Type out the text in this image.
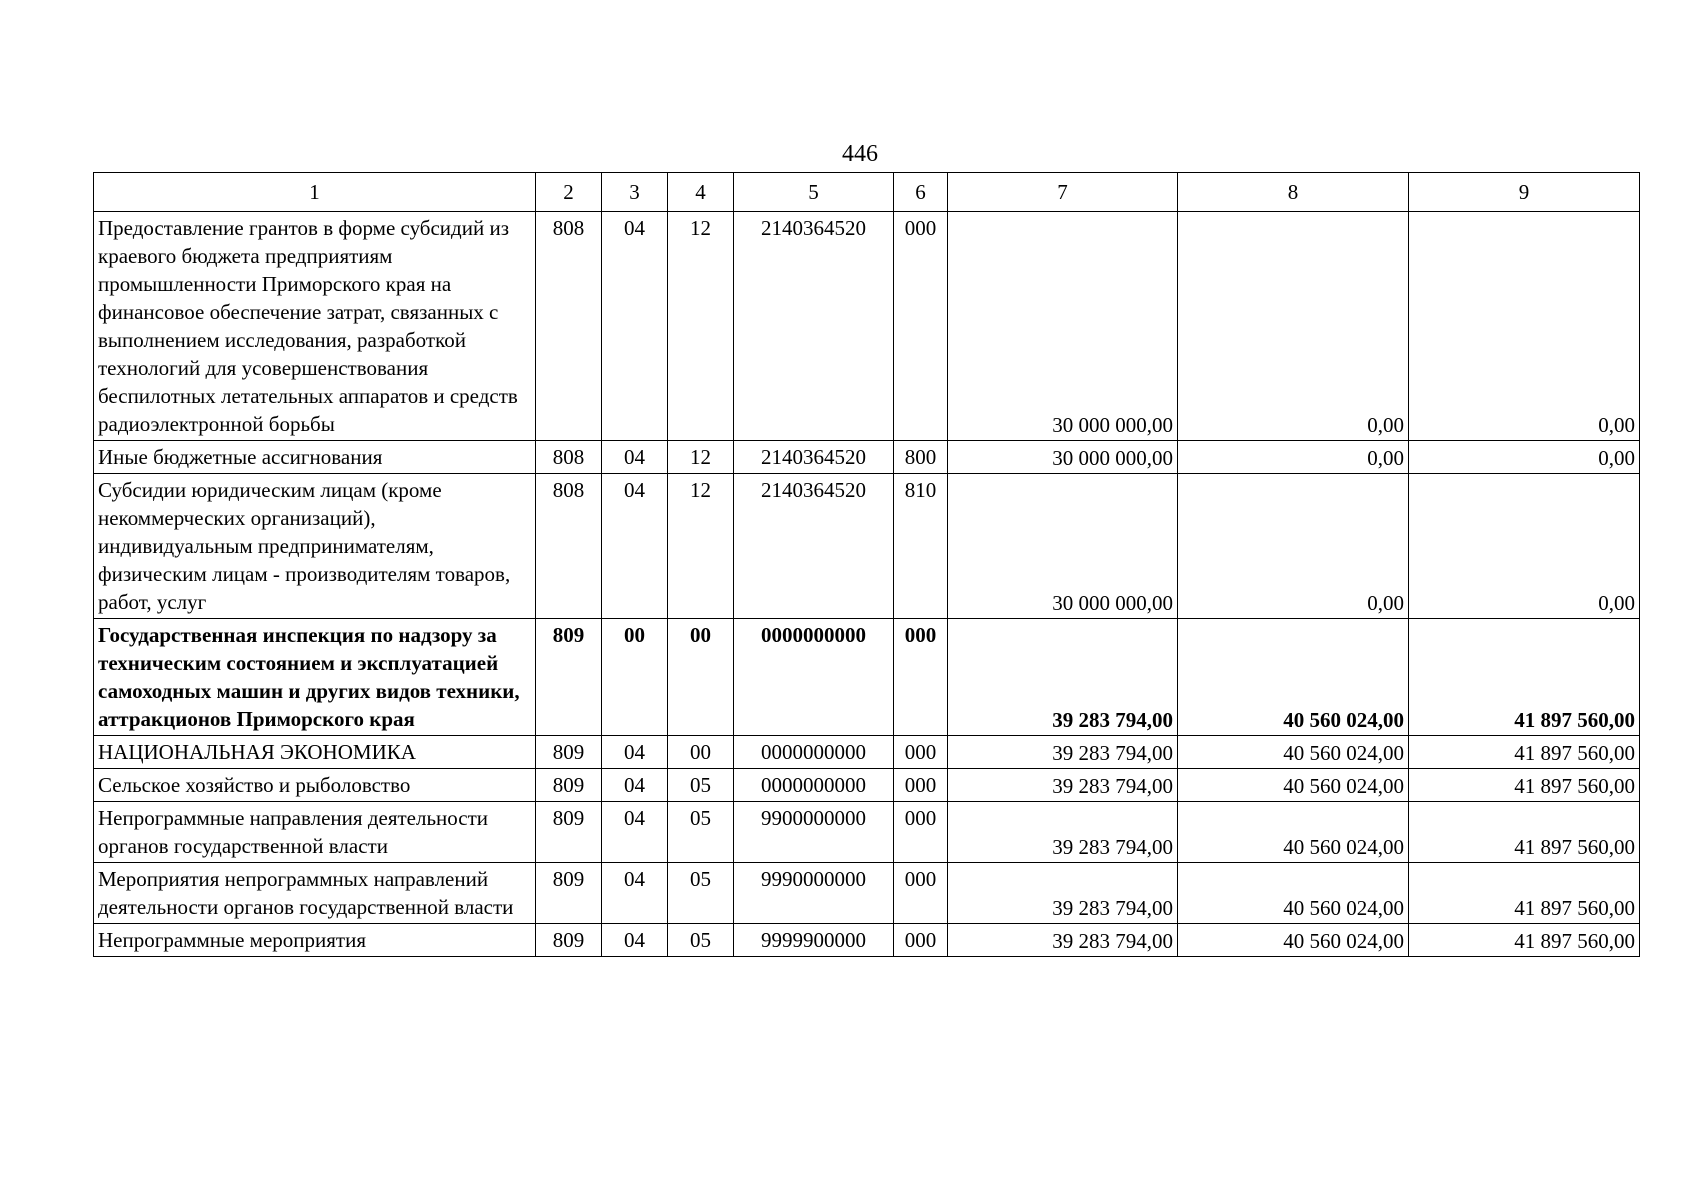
446
1	2	3	4	5	6	7	8	9
Предоставление грантов в форме субсидий из краевого бюджета предприятиям промышленности Приморского края на финансовое обеспечение затрат, связанных с выполнением исследования, разработкой технологий для усовершенствования беспилотных летательных аппаратов и средств радиоэлектронной борьбы	808	04	12	2140364520	000	30 000 000,00	0,00	0,00
Иные бюджетные ассигнования	808	04	12	2140364520	800	30 000 000,00	0,00	0,00
Субсидии юридическим лицам (кроме некоммерческих организаций), индивидуальным предпринимателям, физическим лицам - производителям товаров, работ, услуг	808	04	12	2140364520	810	30 000 000,00	0,00	0,00
Государственная инспекция по надзору за техническим состоянием и эксплуатацией самоходных машин и других видов техники, аттракционов Приморского края	809	00	00	0000000000	000	39 283 794,00	40 560 024,00	41 897 560,00
НАЦИОНАЛЬНАЯ ЭКОНОМИКА	809	04	00	0000000000	000	39 283 794,00	40 560 024,00	41 897 560,00
Сельское хозяйство и рыболовство	809	04	05	0000000000	000	39 283 794,00	40 560 024,00	41 897 560,00
Непрограммные направления деятельности органов государственной власти	809	04	05	9900000000	000	39 283 794,00	40 560 024,00	41 897 560,00
Мероприятия непрограммных направлений деятельности органов государственной власти	809	04	05	9990000000	000	39 283 794,00	40 560 024,00	41 897 560,00
Непрограммные мероприятия	809	04	05	9999900000	000	39 283 794,00	40 560 024,00	41 897 560,00
